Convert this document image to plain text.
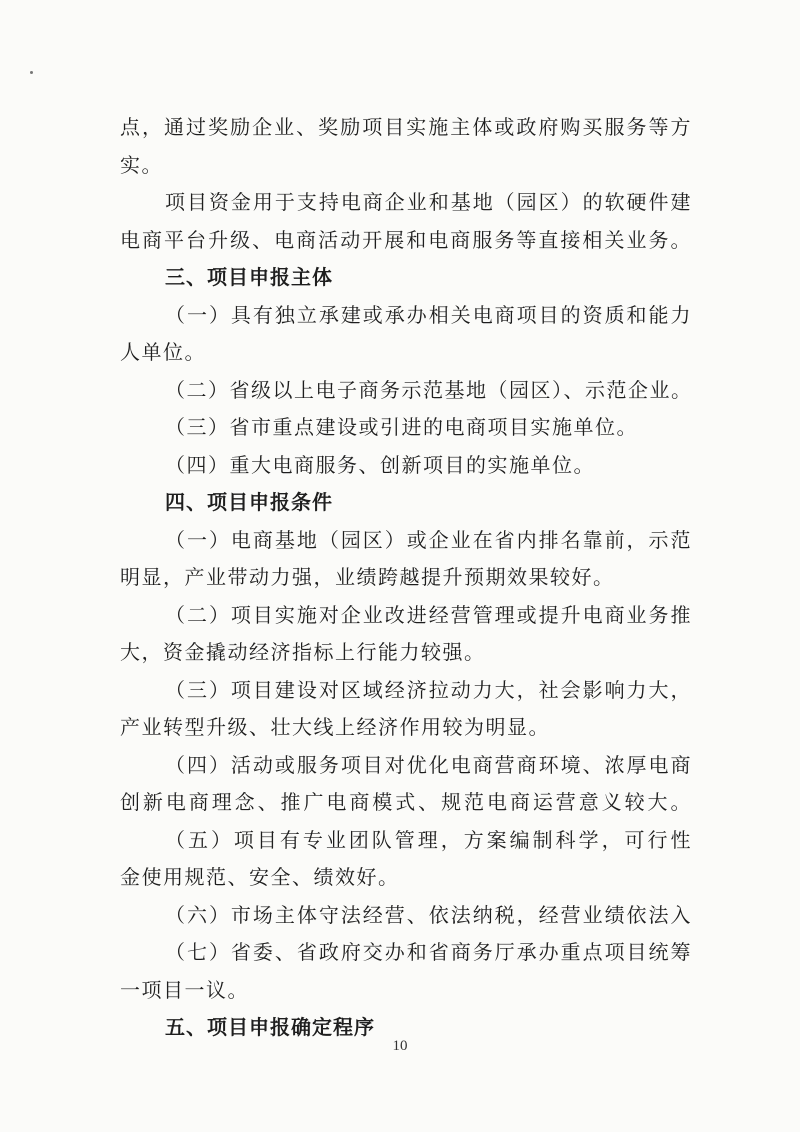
点，通过奖励企业、奖励项目实施主体或政府购买服务等方
实。
项目资金用于支持电商企业和基地（园区）的软硬件建
电商平台升级、电商活动开展和电商服务等直接相关业务。
三、项目申报主体
（一）具有独立承建或承办相关电商项目的资质和能力
人单位。
（二）省级以上电子商务示范基地（园区）、示范企业。
（三）省市重点建设或引进的电商项目实施单位。
（四）重大电商服务、创新项目的实施单位。
四、项目申报条件
（一）电商基地（园区）或企业在省内排名靠前，示范
明显，产业带动力强，业绩跨越提升预期效果较好。
（二）项目实施对企业改进经营管理或提升电商业务推
大，资金撬动经济指标上行能力较强。
（三）项目建设对区域经济拉动力大，社会影响力大，
产业转型升级、壮大线上经济作用较为明显。
（四）活动或服务项目对优化电商营商环境、浓厚电商
创新电商理念、推广电商模式、规范电商运营意义较大。
（五）项目有专业团队管理，方案编制科学，可行性
金使用规范、安全、绩效好。
（六）市场主体守法经营、依法纳税，经营业绩依法入
（七）省委、省政府交办和省商务厅承办重点项目统筹
一项目一议。
五、项目申报确定程序
10
